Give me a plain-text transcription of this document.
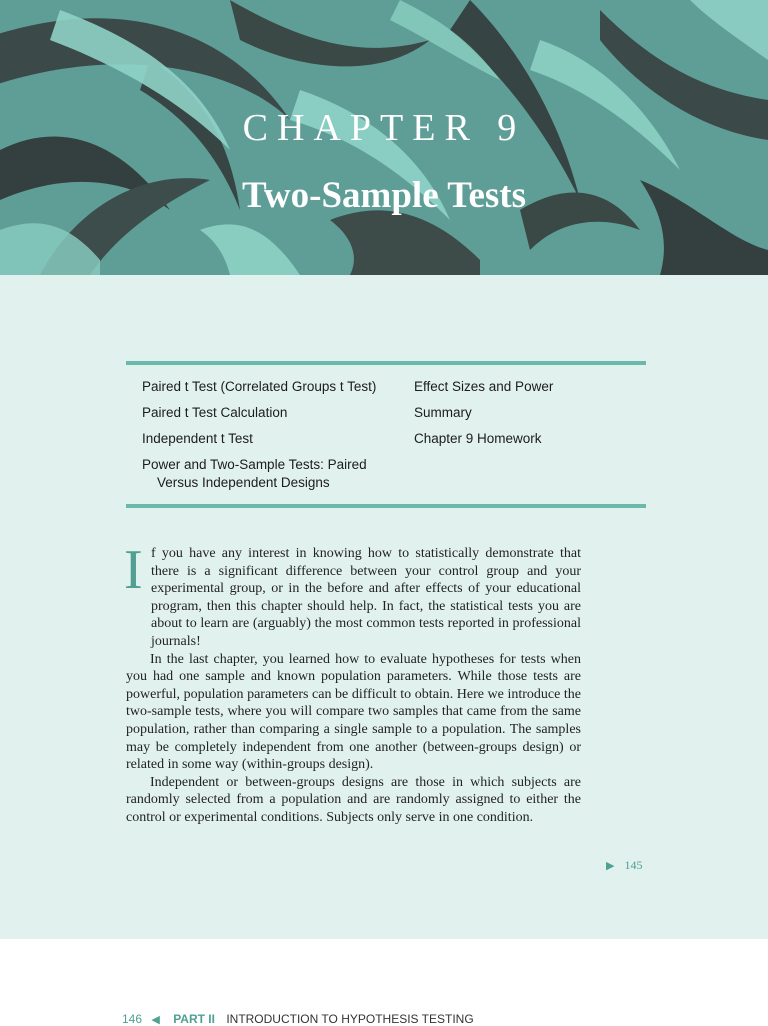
CHAPTER 9
Two-Sample Tests
Paired t Test (Correlated Groups t Test)
Paired t Test Calculation
Independent t Test
Power and Two-Sample Tests: Paired
Versus Independent Designs
Effect Sizes and Power
Summary
Chapter 9 Homework
I f you have any interest in knowing how to statistically demonstrate that there is a significant difference between your control group and your experimental group, or in the before and after effects of your educational program, then this chapter should help. In fact, the statistical tests you are about to learn are (arguably) the most common tests reported in professional journals!

In the last chapter, you learned how to evaluate hypotheses for tests when you had one sample and known population parameters. While those tests are powerful, population parameters can be difficult to obtain. Here we introduce the two-sample tests, where you will compare two samples that came from the same population, rather than comparing a single sample to a population. The samples may be completely independent from one another (between-groups design) or related in some way (within-groups design).

Independent or between-groups designs are those in which subjects are randomly selected from a population and are randomly assigned to either the control or experimental conditions. Subjects only serve in one condition.

▶ 145
146 ◀ PART II INTRODUCTION TO HYPOTHESIS TESTING
